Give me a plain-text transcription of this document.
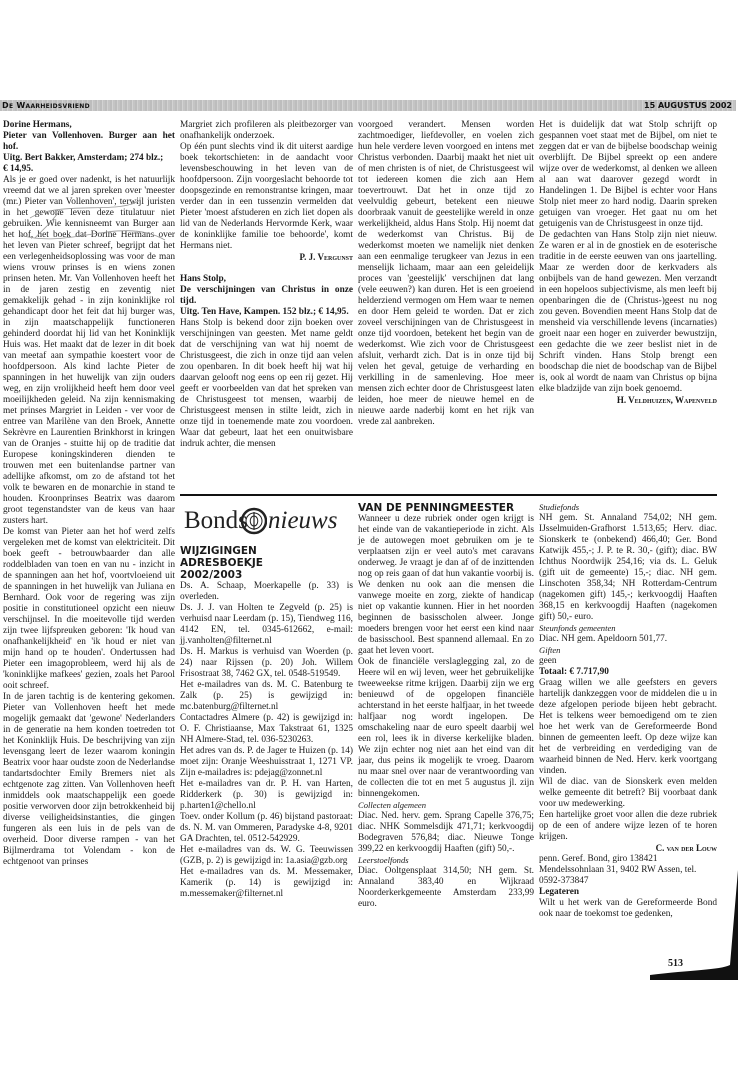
De Waarheidsvriend	15 AUGUSTUS 2002

Dorine Hermans,

Pieter van Vollenhoven. Burger aan het hof.

Uitg. Bert Bakker, Amsterdam; 274 blz.;

€ 14,95.

Als je er goed over nadenkt, is het natuurlijk vreemd dat we al jaren spreken over 'meester (mr.) Pieter van Vollenhoven', terwijl juristen in het gewone leven deze titulatuur niet gebruiken. Wie kennisneemt van Burger aan het hof, het boek dat Dorine Hermans over het leven van Pieter schreef, begrijpt dat het een verlegenheidsoplossing was voor de man wiens vrouw prinses is en wiens zonen prinsen heten. Mr. Van Vollenhoven heeft het in de jaren zestig en zeventig niet gemakkelijk gehad - in zijn koninklijke rol gehandicapt door het feit dat hij burger was, in zijn maatschappelijk functioneren gehinderd doordat hij lid van het Koninklijk Huis was. Het maakt dat de lezer in dit boek van meetaf aan sympathie koestert voor de hoofdpersoon. Als kind lachte Pieter de spanningen in het huwelijk van zijn ouders weg, en zijn vrolijkheid heeft hem door veel moeilijkheden geleid. Na zijn kennismaking met prinses Margriet in Leiden - ver voor de entree van Marilène van den Broek, Annette Sekrèvre en Laurentien Brinkhorst in kringen van de Oranjes - stuitte hij op de traditie dat Europese koningskinderen dienden te trouwen met een buitenlandse partner van adellijke afkomst, om zo de afstand tot het volk te bewaren en de monarchie in stand te houden. Kroonprinses Beatrix was daarom groot tegenstandster van de keus van haar zusters hart.

De komst van Pieter aan het hof werd zelfs vergeleken met de komst van elektriciteit. Dit boek geeft - betrouwbaarder dan alle roddelbladen van toen en van nu - inzicht in de spanningen aan het hof, voortvloeiend uit de spanningen in het huwelijk van Juliana en Bernhard. Ook voor de regering was zijn positie in constitutioneel opzicht een nieuw verschijnsel. In die moeitevolle tijd werden zijn twee lijfspreuken geboren: 'Ik houd van onafhankelijkheid' en 'ik houd er niet van mijn hand op te houden'. Ondertussen had Pieter een imagoprobleem, werd hij als de 'koninklijke mafkees' gezien, zoals het Parool ooit schreef.

In de jaren tachtig is de kentering gekomen. Pieter van Vollenhoven heeft het mede mogelijk gemaakt dat 'gewone' Nederlanders in de generatie na hem konden toetreden tot het Koninklijk Huis. De beschrijving van zijn levensgang leert de lezer waarom koningin Beatrix voor haar oudste zoon de Nederlandse tandartsdochter Emily Bremers niet als echtgenote zag zitten. Van Vollenhoven heeft inmiddels ook maatschappelijk een goede positie verworven door zijn betrokkenheid bij diverse veiligheidsinstanties, die gingen fungeren als een luis in de pels van de overheid. Door diverse rampen - van het Bijlmerdrama tot Volendam - kon de echtgenoot van prinses

Margriet zich profileren als pleitbezorger van onafhankelijk onderzoek.

Op één punt slechts vind ik dit uiterst aardige boek tekortschieten: in de aandacht voor levensbeschouwing in het leven van de hoofdpersoon. Zijn voorgeslacht behoorde tot doopsgezinde en remonstrantse kringen, maar verder dan in een tussenzin vermelden dat Pieter 'moest afstuderen en zich liet dopen als lid van de Nederlands Hervormde Kerk, waar de koninklijke familie toe behoorde', komt Hermans niet.

P. J. Vergunst

Hans Stolp,

De verschijningen van Christus in onze tijd.

Uitg. Ten Have, Kampen. 152 blz.; € 14,95.

Hans Stolp is bekend door zijn boeken over verschijningen van geesten. Met name geldt dat de verschijning van wat hij noemt de Christusgeest, die zich in onze tijd aan velen zou openbaren. In dit boek heeft hij wat hij daarvan gelooft nog eens op een rij gezet. Hij geeft er voorbeelden van dat het spreken van de Christusgeest tot mensen, waarbij de Christusgeest mensen in stilte leidt, zich in onze tijd in toenemende mate zou voordoen. Waar dat gebeurt, laat het een onuitwisbare indruk achter, die mensen

voorgoed verandert. Mensen worden zachtmoediger, liefdevoller, en voelen zich hun hele verdere leven voorgoed en intens met Christus verbonden. Daarbij maakt het niet uit of men christen is of niet, de Christusgeest wil tot iedereen komen die zich aan Hem toevertrouwt. Dat het in onze tijd zo veelvuldig gebeurt, betekent een nieuwe doorbraak vanuit de geestelijke wereld in onze werkelijkheid, aldus Hans Stolp. Hij noemt dat de wederkomst van Christus. Bij de wederkomst moeten we namelijk niet denken aan een eenmalige terugkeer van Jezus in een menselijk lichaam, maar aan een geleidelijk proces van 'geestelijk' verschijnen dat lang (vele eeuwen?) kan duren. Het is een groeiend helderziend vermogen om Hem waar te nemen en door Hem geleid te worden. Dat er zich zoveel verschijningen van de Christusgeest in onze tijd voordoen, betekent het begin van de wederkomst. Wie zich voor de Christusgeest afsluit, verhardt zich. Dat is in onze tijd bij velen het geval, getuige de verharding en verkilling in de samenleving. Hoe meer mensen zich echter door de Christusgeest laten leiden, hoe meer de nieuwe hemel en de nieuwe aarde naderbij komt en het rijk van vrede zal aanbreken.

Het is duidelijk dat wat Stolp schrijft op gespannen voet staat met de Bijbel, om niet te zeggen dat er van de bijbelse boodschap weinig overblijft. De Bijbel spreekt op een andere wijze over de wederkomst, al denken we alleen al aan wat daarover gezegd wordt in Handelingen 1. De Bijbel is echter voor Hans Stolp niet meer zo hard nodig. Daarin spreken getuigen van vroeger. Het gaat nu om het getuigenis van de Christusgeest in onze tijd.

De gedachten van Hans Stolp zijn niet nieuw. Ze waren er al in de gnostiek en de esoterische traditie in de eerste eeuwen van ons jaartelling. Maar ze werden door de kerkvaders als onbijbels van de hand gewezen. Men verzandt in een hopeloos subjectivisme, als men leeft bij openbaringen die de (Christus-)geest nu nog zou geven. Bovendien meent Hans Stolp dat de mensheid via verschillende levens (incarnaties) groeit naar een hoger en zuiverder bewustzijn, een gedachte die we zeer beslist niet in de Schrift vinden. Hans Stolp brengt een boodschap die niet de boodschap van de Bijbel is, ook al wordt de naam van Christus op bijna elke bladzijde van zijn boek genoemd.

H. Veldhuizen, Wapenveld

Bonds nieuws

WIJZIGINGEN ADRESBOEKJE 2002/2003

Ds. A. Schaap, Moerkapelle (p. 33) is overleden.

Ds. J. J. van Holten te Zegveld (p. 25) is verhuisd naar Leerdam (p. 15), Tiendweg 116, 4142 EN, tel. 0345-612662, e-mail: jj.vanholten@filternet.nl

Ds. H. Markus is verhuisd van Woerden (p. 24) naar Rijssen (p. 20) Joh. Willem Frisostraat 38, 7462 GX, tel. 0548-519549.

Het e-mailadres van ds. M. C. Batenburg te Zalk (p. 25) is gewijzigd in: mc.batenburg@filternet.nl

Contactadres Almere (p. 42) is gewijzigd in: O. F. Christiaanse, Max Takstraat 61, 1325 NH Almere-Stad, tel. 036-5230263.

Het adres van ds. P. de Jager te Huizen (p. 14) moet zijn: Oranje Weeshuisstraat 1, 1271 VP. Zijn e-mailadres is: pdejag@zonnet.nl

Het e-mailadres van dr. P. H. van Harten, Ridderkerk (p. 30) is gewijzigd in: p.harten1@chello.nl

Toev. onder Kollum (p. 46) bijstand pastoraat: ds. N. M. van Ommeren, Paradyske 4-8, 9201 GA Drachten, tel. 0512-542929.

Het e-mailadres van ds. W. G. Teeuwissen (GZB, p. 2) is gewijzigd in: 1a.asia@gzb.org

Het e-mailadres van ds. M. Messemaker, Kamerik (p. 14) is gewijzigd in: m.messemaker@filternet.nl

VAN DE PENNINGMEESTER

Wanneer u deze rubriek onder ogen krijgt is het einde van de vakantieperiode in zicht. Als je de autowegen moet gebruiken om je te verplaatsen zijn er veel auto's met caravans onderweg. Je vraagt je dan af of de inzittenden nog op reis gaan of dat hun vakantie voorbij is. We denken nu ook aan die mensen die vanwege moeite en zorg, ziekte of handicap niet op vakantie kunnen. Hier in het noorden beginnen de basisscholen alweer. Jonge moeders brengen voor het eerst een kind naar de basisschool. Best spannend allemaal. En zo gaat het leven voort.

Ook de financiële verslaglegging zal, zo de Heere wil en wij leven, weer het gebruikelijke tweeweekse ritme krijgen. Daarbij zijn we erg benieuwd of de opgelopen financiële achterstand in het eerste halfjaar, in het tweede halfjaar nog wordt ingelopen. De omschakeling naar de euro speelt daarbij wel een rol, lees ik in diverse kerkelijke bladen. We zijn echter nog niet aan het eind van dit jaar, dus peins ik mogelijk te vroeg. Daarom nu maar snel over naar de verantwoording van de collecten die tot en met 5 augustus jl. zijn binnengekomen.

Collecten algemeen

Diac. Ned. herv. gem. Sprang Capelle 376,75; diac. NHK Sommelsdijk 471,71; kerkvoogdij Bodegraven 576,84; diac. Nieuwe Tonge 399,22 en kerkvoogdij Haaften (gift) 50,-.

Leerstoelfonds

Diac. Ooltgensplaat 314,50; NH gem. St. Annaland 383,40 en Wijkraad Noorderkerkgemeente Amsterdam 233,99 euro.

Studiefonds

NH gem. St. Annaland 754,02; NH gem. IJsselmuiden-Grafhorst 1.513,65; Herv. diac. Sionskerk te (onbekend) 466,40; Ger. Bond Katwijk 455,-; J. P. te R. 30,- (gift); diac. BW Ichthus Noordwijk 254,16; via ds. L. Geluk (gift uit de gemeente) 15,-; diac. NH gem. Linschoten 358,34; NH Rotterdam-Centrum (nagekomen gift) 145,-; kerkvoogdij Haaften 368,15 en kerkvoogdij Haaften (nagekomen gift) 50,- euro.

Steunfonds gemeenten

Diac. NH gem. Apeldoorn 501,77.

Giften

geen

Totaal: € 7.717,90

Graag willen we alle geefsters en gevers hartelijk dankzeggen voor de middelen die u in deze afgelopen periode bijeen hebt gebracht. Het is telkens weer bemoedigend om te zien hoe het werk van de Gereformeerde Bond binnen de gemeenten leeft. Op deze wijze kan het de verbreiding en verdediging van de waarheid binnen de Ned. Herv. kerk voortgang vinden.

Wil de diac. van de Sionskerk even melden welke gemeente dit betreft? Bij voorbaat dank voor uw medewerking.

Een hartelijke groet voor allen die deze rubriek op de een of andere wijze lezen of te horen krijgen.

C. van der Louw

penn. Geref. Bond, giro 138421 Mendelssohnlaan 31, 9402 RW Assen, tel. 0592-373847

Legateren

Wilt u het werk van de Gereformeerde Bond ook naar de toekomst toe gedenken,

513
